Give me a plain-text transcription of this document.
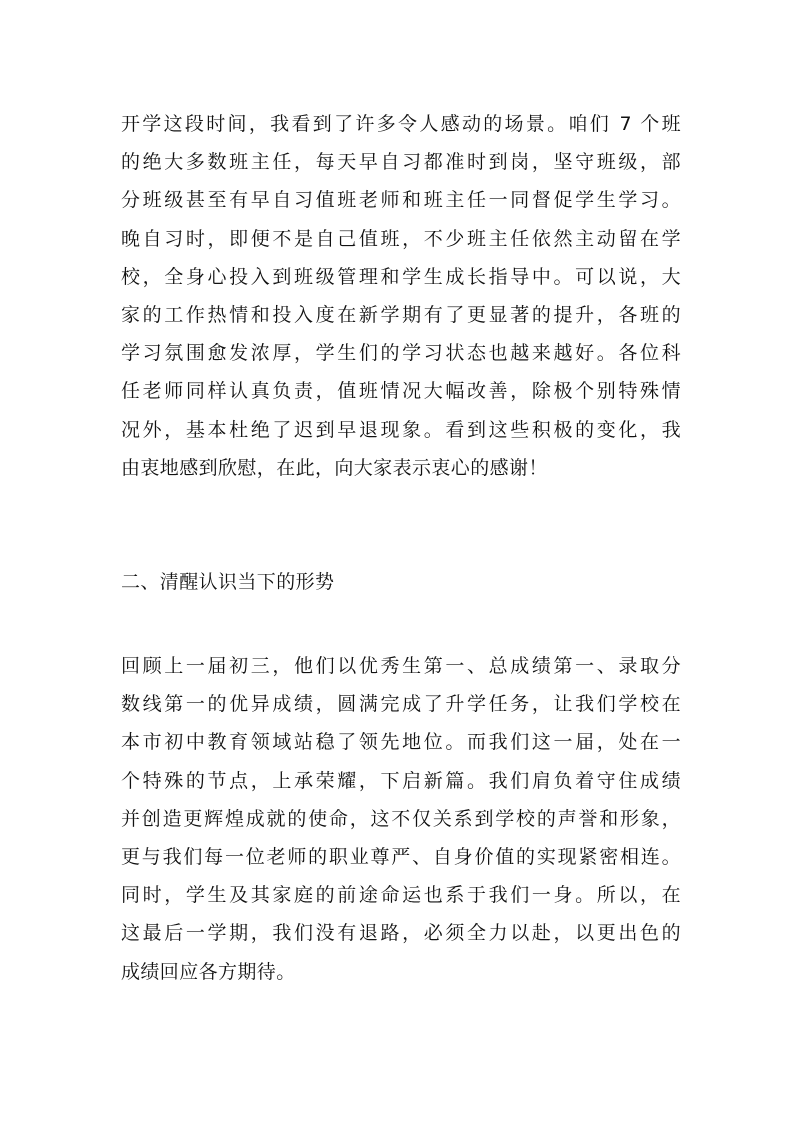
开学这段时间，我看到了许多令人感动的场景。咱们 7 个班
的绝大多数班主任，每天早自习都准时到岗，坚守班级，部
分班级甚至有早自习值班老师和班主任一同督促学生学习。
晚自习时，即便不是自己值班，不少班主任依然主动留在学
校，全身心投入到班级管理和学生成长指导中。可以说，大
家的工作热情和投入度在新学期有了更显著的提升，各班的
学习氛围愈发浓厚，学生们的学习状态也越来越好。各位科
任老师同样认真负责，值班情况大幅改善，除极个别特殊情
况外，基本杜绝了迟到早退现象。看到这些积极的变化，我
由衷地感到欣慰，在此，向大家表示衷心的感谢！
二、清醒认识当下的形势
回顾上一届初三，他们以优秀生第一、总成绩第一、录取分
数线第一的优异成绩，圆满完成了升学任务，让我们学校在
本市初中教育领域站稳了领先地位。而我们这一届，处在一
个特殊的节点，上承荣耀，下启新篇。我们肩负着守住成绩
并创造更辉煌成就的使命，这不仅关系到学校的声誉和形象，
更与我们每一位老师的职业尊严、自身价值的实现紧密相连。
同时，学生及其家庭的前途命运也系于我们一身。所以，在
这最后一学期，我们没有退路，必须全力以赴，以更出色的
成绩回应各方期待。
